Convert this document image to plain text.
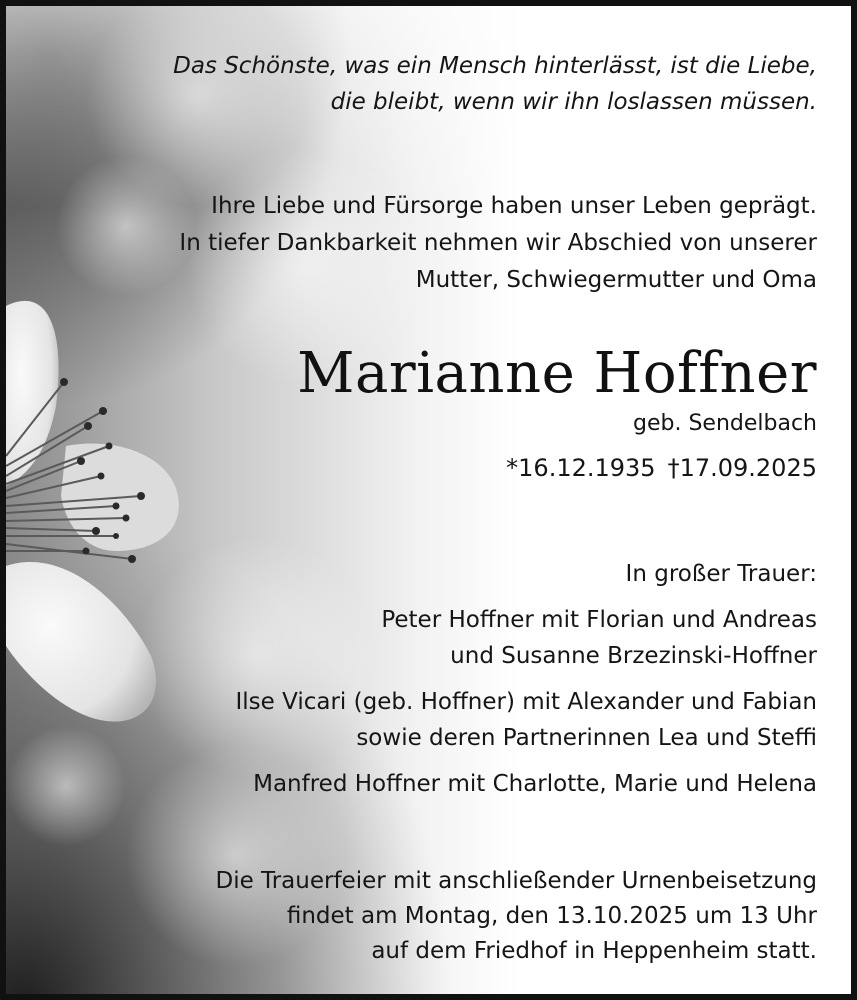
Das Schönste, was ein Mensch hinterlässt, ist die Liebe,
die bleibt, wenn wir ihn loslassen müssen.
Ihre Liebe und Fürsorge haben unser Leben geprägt.
In tiefer Dankbarkeit nehmen wir Abschied von unserer
Mutter, Schwiegermutter und Oma
Marianne Hoffner
geb. Sendelbach
*16.12.1935 †17.09.2025
In großer Trauer:
Peter Hoffner mit Florian und Andreas
und Susanne Brzezinski-Hoffner
Ilse Vicari (geb. Hoffner) mit Alexander und Fabian
sowie deren Partnerinnen Lea und Steffi
Manfred Hoffner mit Charlotte, Marie und Helena
Die Trauerfeier mit anschließender Urnenbeisetzung
findet am Montag, den 13.10.2025 um 13 Uhr
auf dem Friedhof in Heppenheim statt.
